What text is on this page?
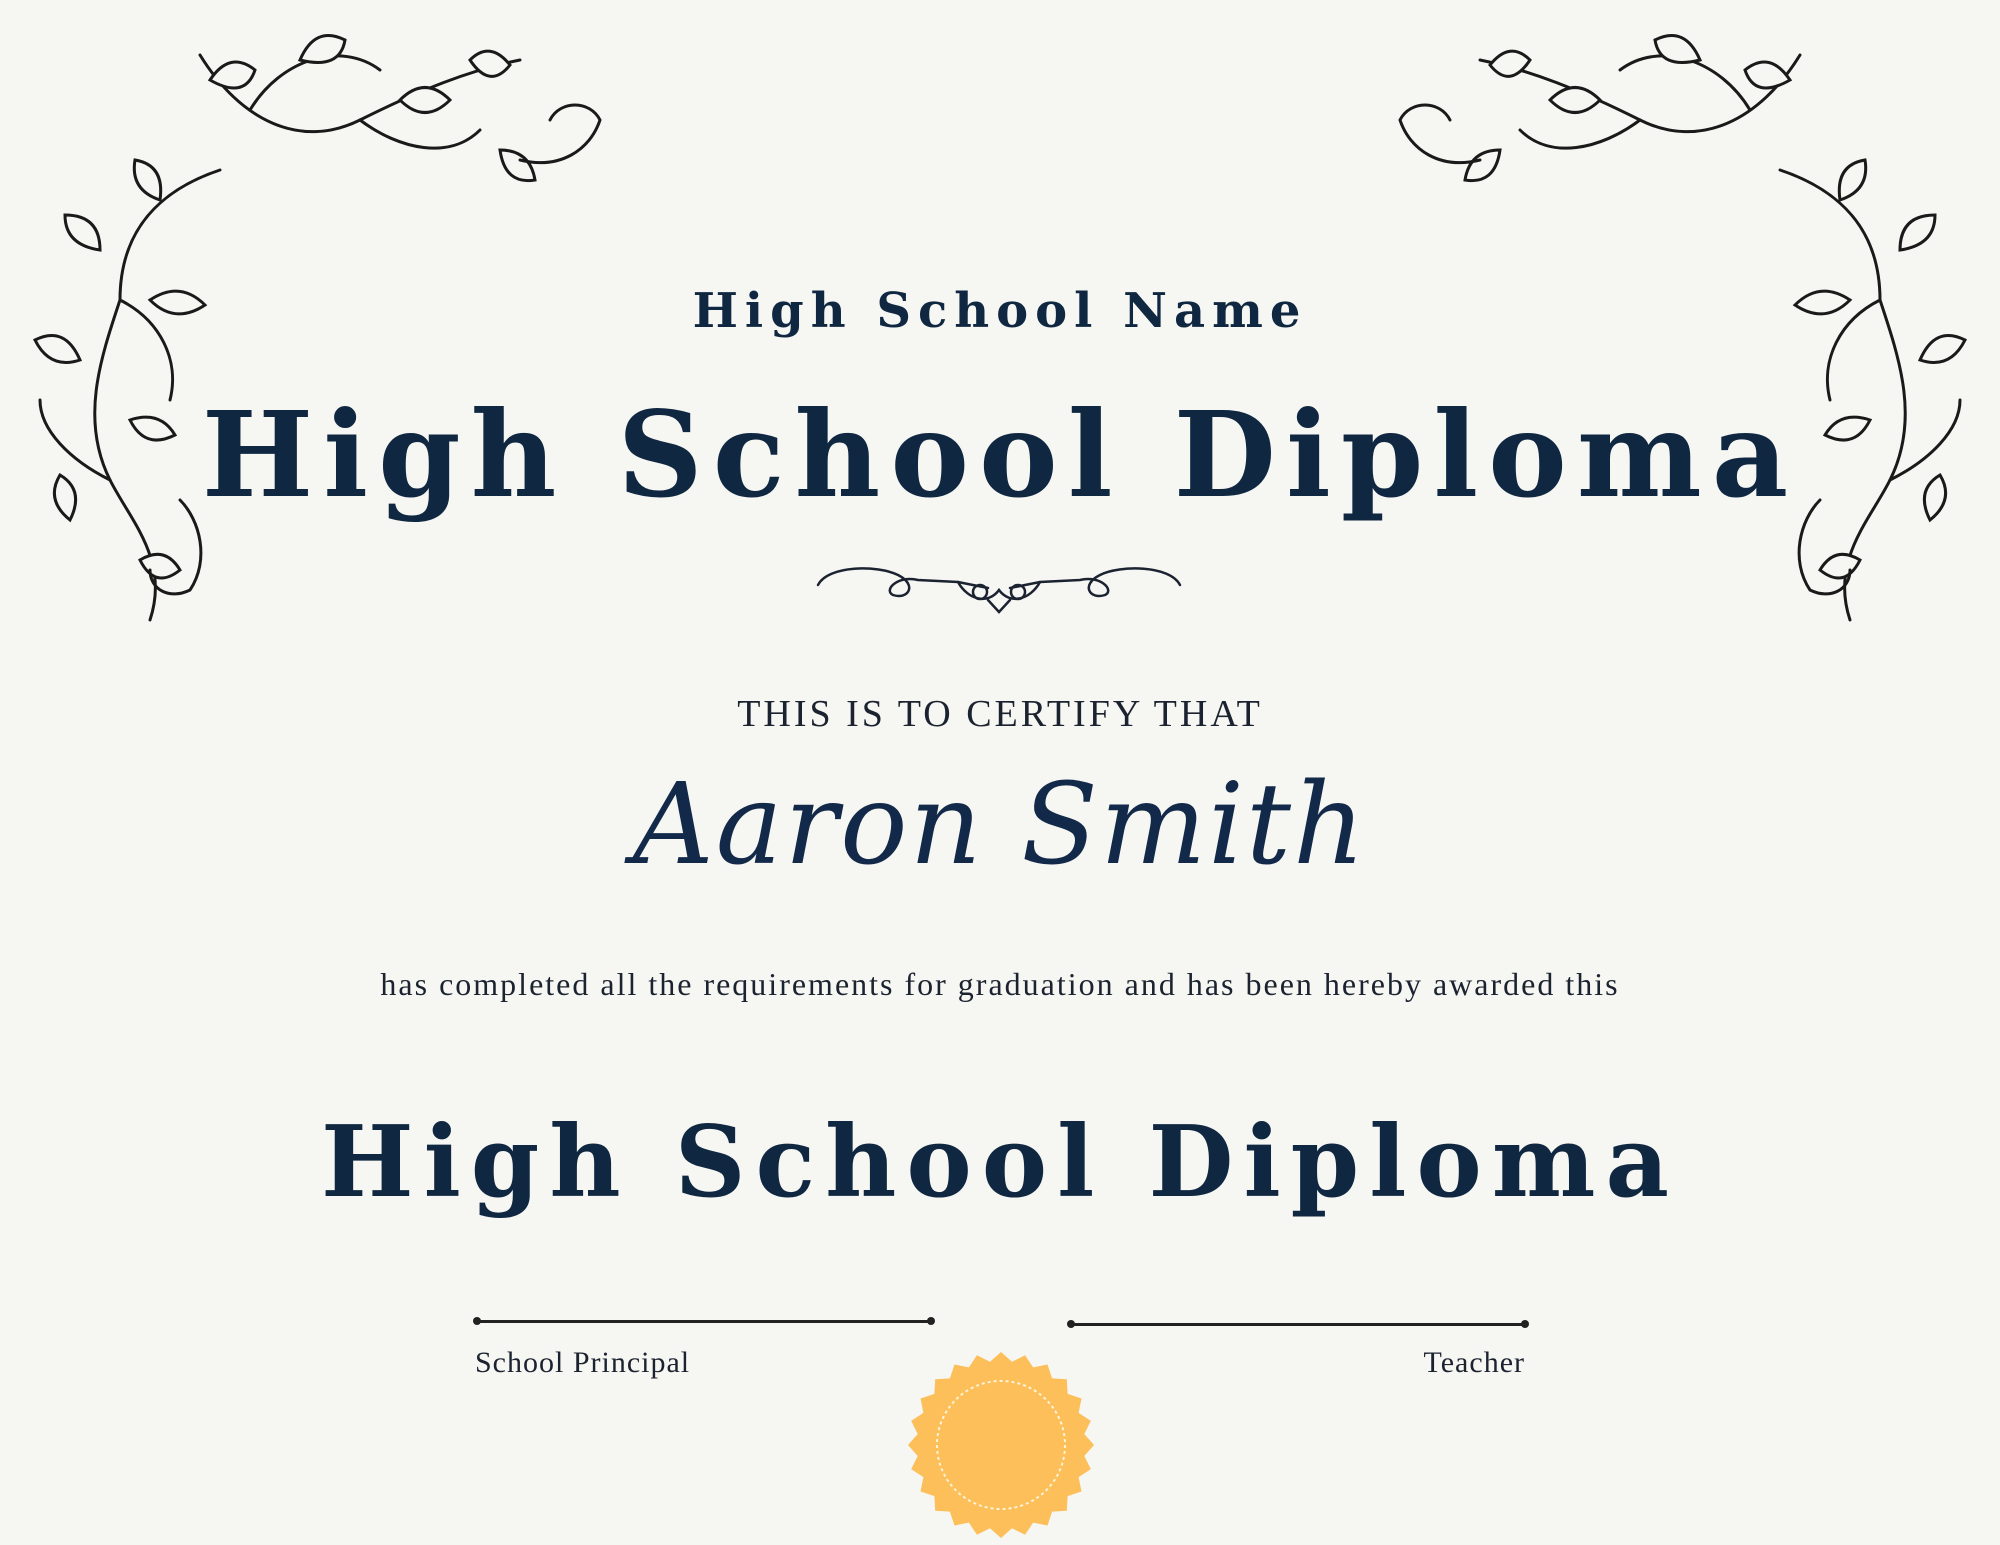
High School Name

High School Diploma

THIS IS TO CERTIFY THAT

Aaron Smith

has completed all the requirements for graduation and has been hereby awarded this

High School Diploma

School Principal	Teacher
